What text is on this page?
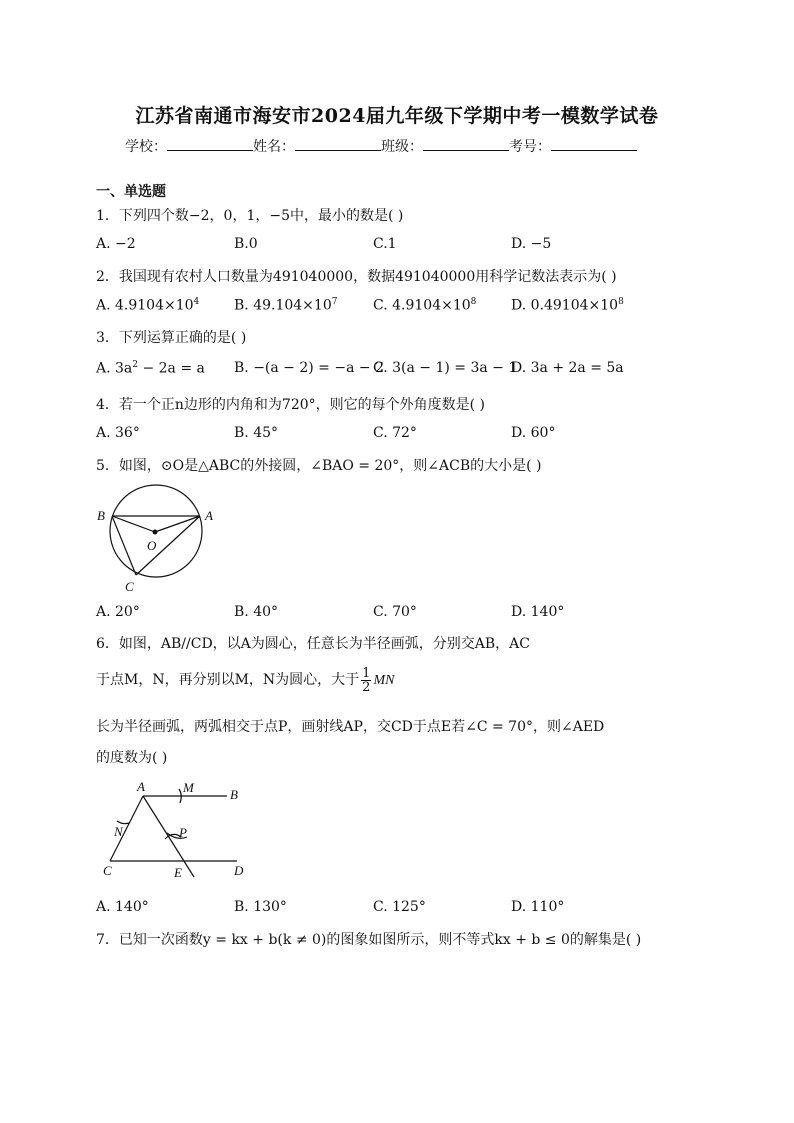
江苏省南通市海安市2024届九年级下学期中考一模数学试卷
学校：	姓名：	班级：	考号：
一、单选题
1．下列四个数−2，0，1，−5中，最小的数是( )
A. −2	B.0	C.1	D. −5
2．我国现有农村人口数量为491040000，数据491040000用科学记数法表示为( )
A. $4.9104\times 10^4$ B. $49.104\times 10^7$	C. $4.9104\times 10^8$ D. $0.49104\times 10^8$
3．下列运算正确的是( )
A. $3a^2 - 2a = a$ B. −(a − 2) = −a − 2
C. 3(a − 1) = 3a − 1
D. 3a + 2a = 5a
4．若一个正n边形的内角和为720°，则它的每个外角度数是( )
A. 36°	B. 45°	C. 72°	D. 60°
5．如图，⊙O是△ABC的外接圆，∠BAO = 20°，则∠ACB的大小是( )
B	A
O
C
A. 20°	B. 40°	C. 70°	D. 140°
6．如图，AB//CD，以A为圆心，任意长为半径画弧，分别交AB，AC
于点M，N，再分别以M，N为圆心，大于 $\frac{1}{2}$ MN
长为半径画弧，两弧相交于点P，画射线AP，交CD于点E若∠C = 70°，则∠AED
的度数为( )
A	M	B
N	P
C	E	D
A. 140°	B. 130°	C. 125°	D. 110°
7．已知一次函数y = kx + b(k ≠ 0)的图象如图所示，则不等式kx + b ≤ 0的解集是( )
